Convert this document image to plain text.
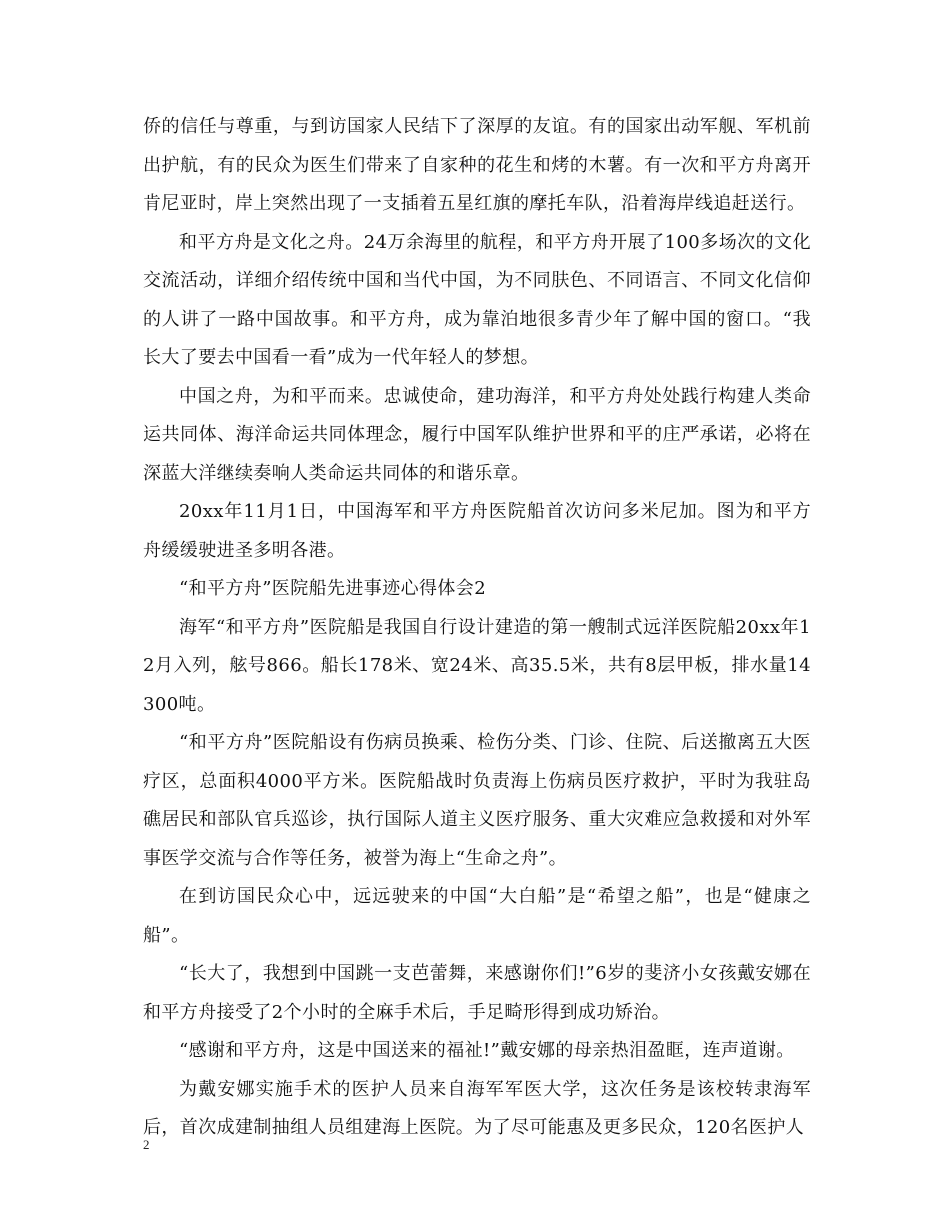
侨的信任与尊重，与到访国家人民结下了深厚的友谊。有的国家出动军舰、军机前出护航，有的民众为医生们带来了自家种的花生和烤的木薯。有一次和平方舟离开肯尼亚时，岸上突然出现了一支插着五星红旗的摩托车队，沿着海岸线追赶送行。

和平方舟是文化之舟。24万余海里的航程，和平方舟开展了100多场次的文化交流活动，详细介绍传统中国和当代中国，为不同肤色、不同语言、不同文化信仰的人讲了一路中国故事。和平方舟，成为靠泊地很多青少年了解中国的窗口。“我长大了要去中国看一看”成为一代年轻人的梦想。

中国之舟，为和平而来。忠诚使命，建功海洋，和平方舟处处践行构建人类命运共同体、海洋命运共同体理念，履行中国军队维护世界和平的庄严承诺，必将在深蓝大洋继续奏响人类命运共同体的和谐乐章。

20xx年11月1日，中国海军和平方舟医院船首次访问多米尼加。图为和平方舟缓缓驶进圣多明各港。

“和平方舟”医院船先进事迹心得体会2

海军“和平方舟”医院船是我国自行设计建造的第一艘制式远洋医院船20xx年12月入列，舷号866。船长178米、宽24米、高35.5米，共有8层甲板，排水量14300吨。

“和平方舟”医院船设有伤病员换乘、检伤分类、门诊、住院、后送撤离五大医疗区，总面积4000平方米。医院船战时负责海上伤病员医疗救护，平时为我驻岛礁居民和部队官兵巡诊，执行国际人道主义医疗服务、重大灾难应急救援和对外军事医学交流与合作等任务，被誉为海上“生命之舟”。

在到访国民众心中，远远驶来的中国“大白船”是“希望之船”，也是“健康之船”。

“长大了，我想到中国跳一支芭蕾舞，来感谢你们!”6岁的斐济小女孩戴安娜在和平方舟接受了2个小时的全麻手术后，手足畸形得到成功矫治。

“感谢和平方舟，这是中国送来的福祉!”戴安娜的母亲热泪盈眶，连声道谢。

为戴安娜实施手术的医护人员来自海军军医大学，这次任务是该校转隶海军后，首次成建制抽组人员组建海上医院。为了尽可能惠及更多民众，120名医护人

2
